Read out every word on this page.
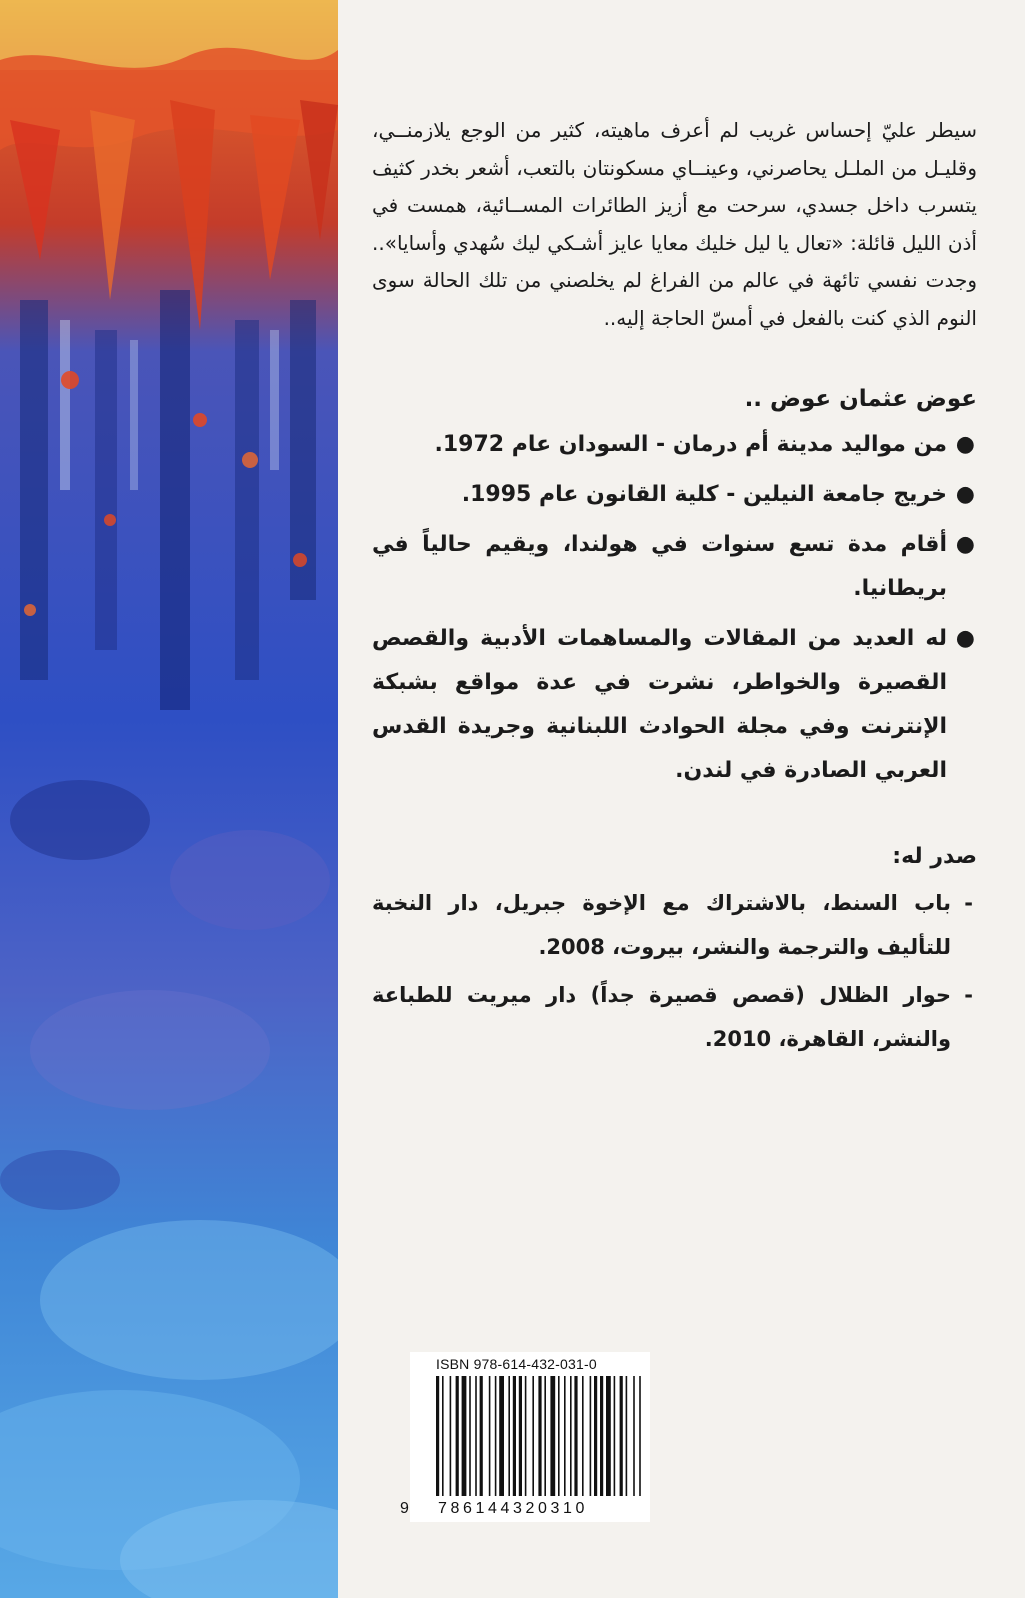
سيطر عليّ إحساس غريب لم أعرف ماهيته، كثير من الوجع يلازمنــي، وقليـل من الملـل يحاصرني، وعينــاي مسكونتان بالتعب، أشعر بخدر كثيف يتسرب داخل جسدي، سرحت مع أزيز الطائرات المســائية، همست في أذن الليل قائلة: «تعال يا ليل خليك معايا عايز أشـكي ليك سُهدي وأسايا».. وجدت نفسي تائهة في عالم من الفراغ لم يخلصني من تلك الحالة سوى النوم الذي كنت بالفعل في أمسّ الحاجة إليه..

عوض عثمان عوض ..
●
من مواليد مدينة أم درمان - السودان عام 1972.
●
خريج جامعة النيلين - كلية القانون عام 1995.
●
أقام مدة تسع سنوات في هولندا، ويقيم حالياً في بريطانيا.
●
له العديد من المقالات والمساهمات الأدبية والقصص القصيرة والخواطر، نشرت في عدة مواقع بشبكة الإنترنت وفي مجلة الحوادث اللبنانية وجريدة القدس العربي الصادرة في لندن.
صدر له:
-
باب السنط، بالاشتراك مع الإخوة جبريل، دار النخبة للتأليف والترجمة والنشر، بيروت، 2008.
-
حوار الظلال (قصص قصيرة جداً) دار ميريت للطباعة والنشر، القاهرة، 2010.
ISBN 978-614-432-031-0
9 786144320310
